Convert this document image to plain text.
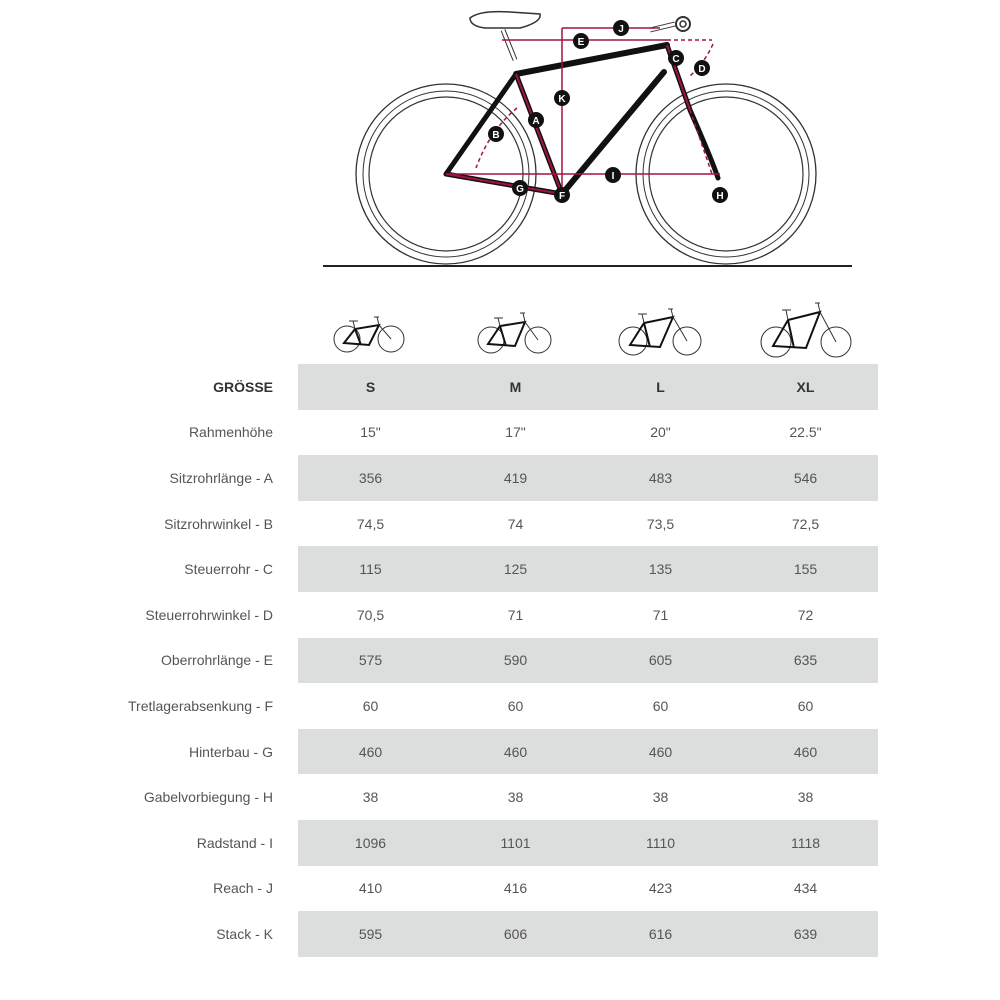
A
B
C
D
E
F
G
H
I
J
K
GRÖSSE	S	M	L	XL
Rahmenhöhe	15"	17"	20"	22.5"
Sitzrohrlänge - A	356	419	483	546
Sitzrohrwinkel - B	74,5	74	73,5	72,5
Steuerrohr - C	115	125	135	155
Steuerrohrwinkel - D	70,5	71	71	72
Oberrohrlänge - E	575	590	605	635
Tretlagerabsenkung - F	60	60	60	60
Hinterbau - G	460	460	460	460
Gabelvorbiegung - H	38	38	38	38
Radstand - I	1096	1101	1110	1118
Reach - J	410	416	423	434
Stack - K	595	606	616	639
